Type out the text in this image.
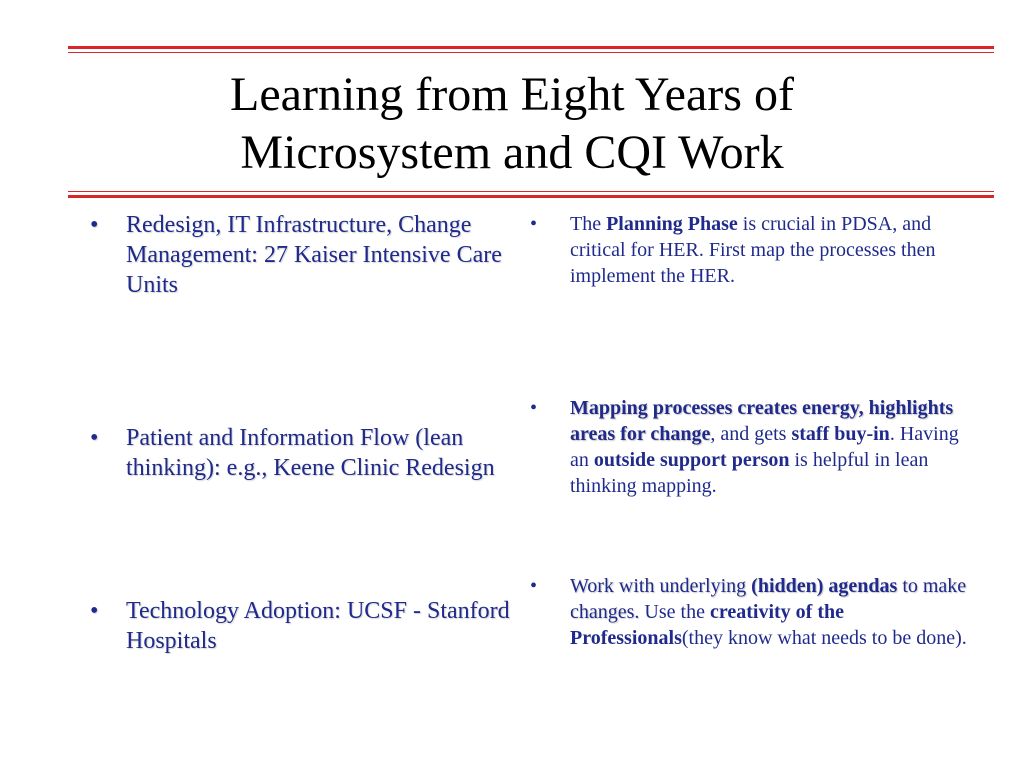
Learning from Eight Years of
Microsystem and CQI Work
•	Redesign, IT Infrastructure, Change Management: 27 Kaiser Intensive Care Units
•	Patient and Information Flow (lean thinking): e.g., Keene Clinic Redesign
•	Technology Adoption: UCSF - Stanford Hospitals
•	The Planning Phase is crucial in PDSA, and critical for HER. First map the processes then implement the HER.
•	Mapping processes creates energy, highlights areas for change, and gets staff buy-in. Having an outside support person is helpful in lean thinking mapping.
•	Work with underlying (hidden) agendas to make changes. Use the creativity of the Professionals(they know what needs to be done).
